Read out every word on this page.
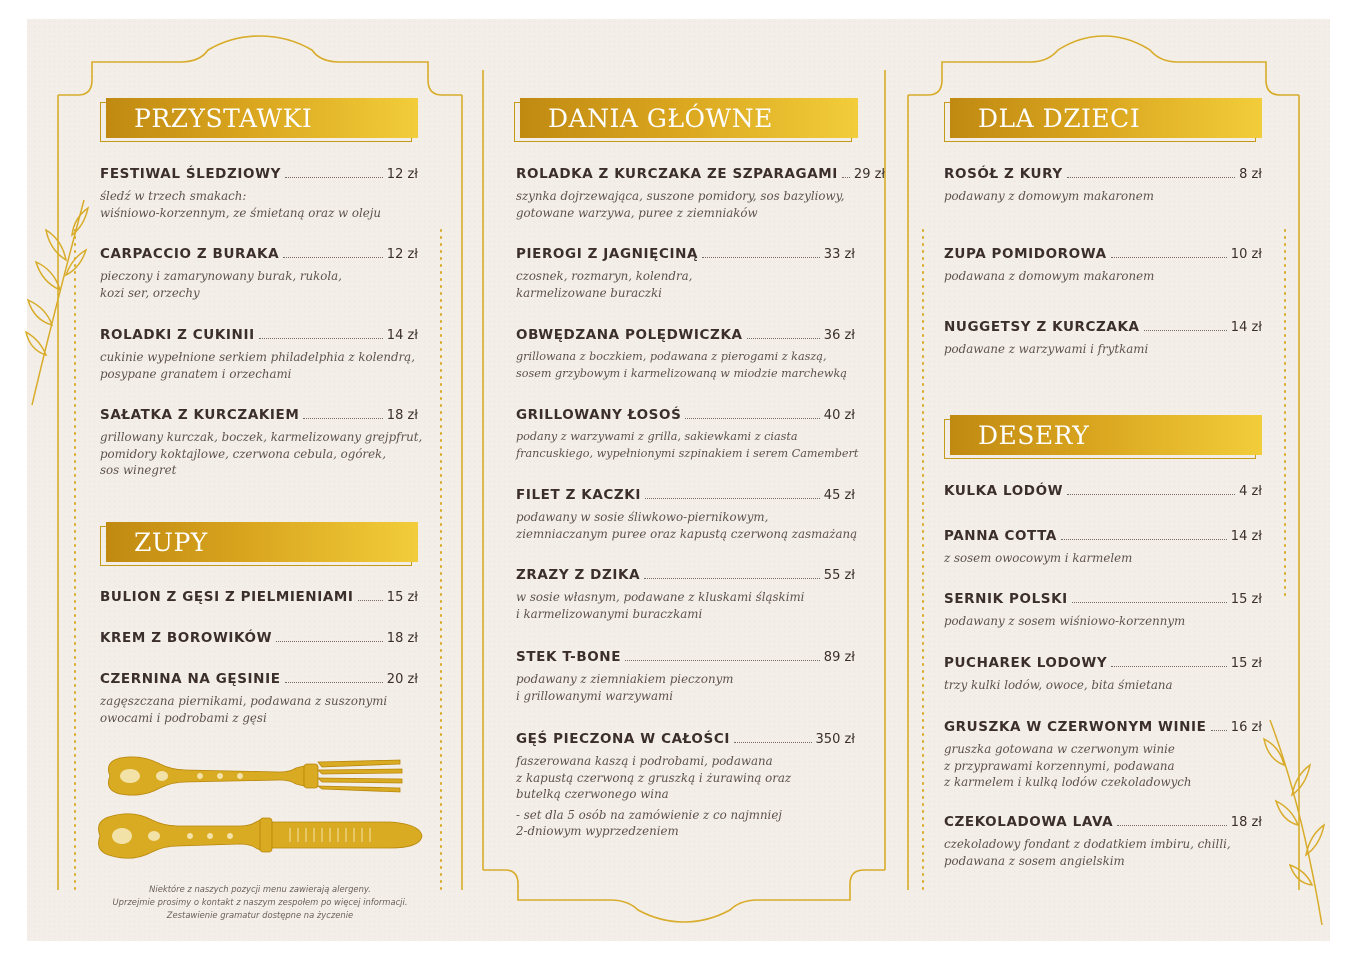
PRZYSTAWKI
FESTIWAL ŚLEDZIOWY	12 zł
śledź w trzech smakach:
wiśniowo-korzennym, ze śmietaną oraz w oleju
CARPACCIO Z BURAKA	12 zł
pieczony i zamarynowany burak, rukola,
kozi ser, orzechy
ROLADKI Z CUKINII	14 zł
cukinie wypełnione serkiem philadelphia z kolendrą,
posypane granatem i orzechami
SAŁATKA Z KURCZAKIEM	18 zł
grillowany kurczak, boczek, karmelizowany grejpfrut,
pomidory koktajlowe, czerwona cebula, ogórek,
sos winegret
ZUPY
BULION Z GĘSI Z PIELMIENIAMI	15 zł
KREM Z BOROWIKÓW	18 zł
CZERNINA NA GĘSINIE	20 zł
zagęszczana piernikami, podawana z suszonymi
owocami i podrobami z gęsi
Niektóre z naszych pozycji menu zawierają alergeny.
Uprzejmie prosimy o kontakt z naszym zespołem po więcej informacji.
Zestawienie gramatur dostępne na życzenie
DANIA GŁÓWNE
ROLADKA Z KURCZAKA ZE SZPARAGAMI 29 zł
szynka dojrzewająca, suszone pomidory, sos bazyliowy,
gotowane warzywa, puree z ziemniaków
PIEROGI Z JAGNIĘCINĄ	33 zł
czosnek, rozmaryn, kolendra,
karmelizowane buraczki
OBWĘDZANA POLĘDWICZKA	36 zł
grillowana z boczkiem, podawana z pierogami z kaszą,
sosem grzybowym i karmelizowaną w miodzie marchewką
GRILLOWANY ŁOSOŚ	40 zł
podany z warzywami z grilla, sakiewkami z ciasta
francuskiego, wypełnionymi szpinakiem i serem Camembert
FILET Z KACZKI	45 zł
podawany w sosie śliwkowo-piernikowym,
ziemniaczanym puree oraz kapustą czerwoną zasmażaną
ZRAZY Z DZIKA	55 zł
w sosie własnym, podawane z kluskami śląskimi
i karmelizowanymi buraczkami
STEK T-BONE	89 zł
podawany z ziemniakiem pieczonym
i grillowanymi warzywami
GĘŚ PIECZONA W CAŁOŚCI	350 zł
faszerowana kaszą i podrobami, podawana
z kapustą czerwoną z gruszką i żurawiną oraz
butelką czerwonego wina
- set dla 5 osób na zamówienie z co najmniej
2-dniowym wyprzedzeniem
DLA DZIECI
ROSÓŁ Z KURY	8 zł
podawany z domowym makaronem
ZUPA POMIDOROWA	10 zł
podawana z domowym makaronem
NUGGETSY Z KURCZAKA	14 zł
podawane z warzywami i frytkami
DESERY
KULKA LODÓW	4 zł
PANNA COTTA	14 zł
z sosem owocowym i karmelem
SERNIK POLSKI	15 zł
podawany z sosem wiśniowo-korzennym
PUCHAREK LODOWY	15 zł
trzy kulki lodów, owoce, bita śmietana
GRUSZKA W CZERWONYM WINIE 16 zł
gruszka gotowana w czerwonym winie
z przyprawami korzennymi, podawana
z karmelem i kulką lodów czekoladowych
CZEKOLADOWA LAVA	18 zł
czekoladowy fondant z dodatkiem imbiru, chilli,
podawana z sosem angielskim
